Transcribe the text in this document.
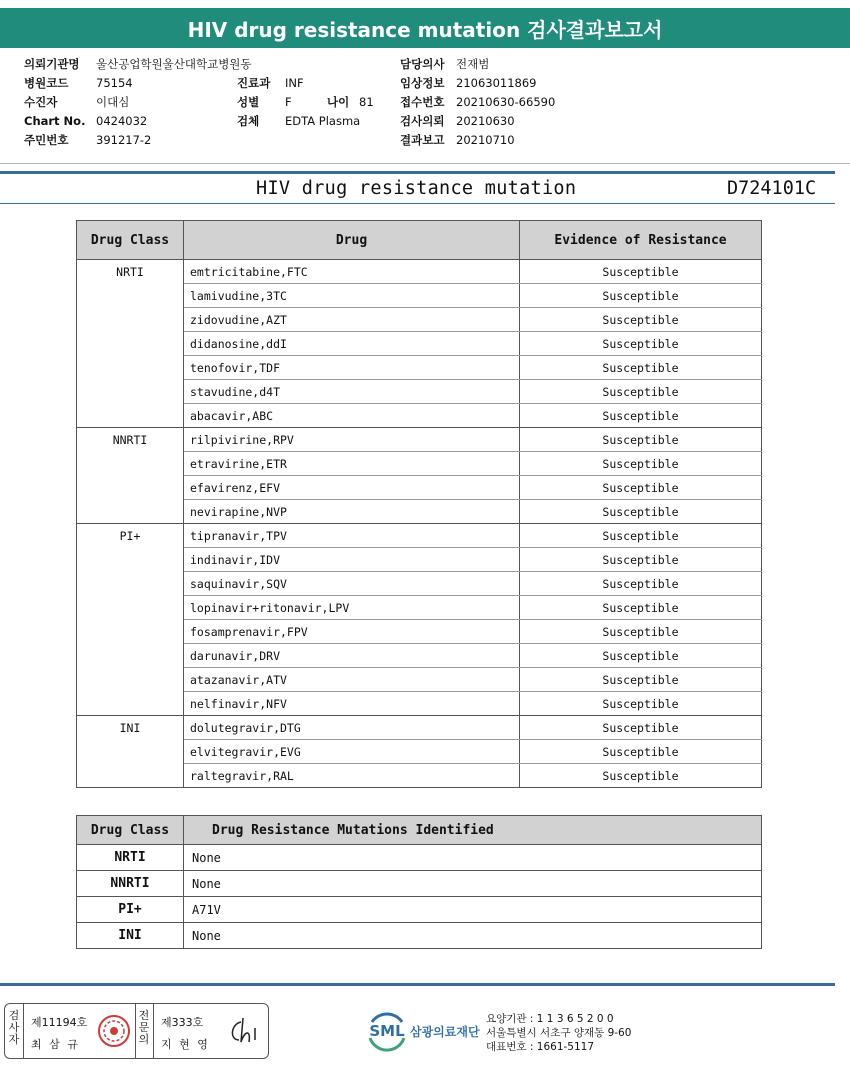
HIV drug resistance mutation 검사결과보고서
의뢰기관명	울산공업학원울산대학교병원동
병원코드	75154
수진자	이대심
Chart No. 0424032
주민번호	391217-2
진료과	INF
성별	F	나이 81
검체	EDTA Plasma
담당의사	전재범
임상정보	21063011869
접수번호	20210630-66590
검사의뢰	20210630
결과보고	20210710
HIV drug resistance mutation	D724101C
Drug Class	Drug	Evidence of Resistance
NRTI	emtricitabine,FTC	Susceptible
	lamivudine,3TC	Susceptible
	zidovudine,AZT	Susceptible
	didanosine,ddI	Susceptible
	tenofovir,TDF	Susceptible
	stavudine,d4T	Susceptible
	abacavir,ABC	Susceptible
NNRTI	rilpivirine,RPV	Susceptible
	etravirine,ETR	Susceptible
	efavirenz,EFV	Susceptible
	nevirapine,NVP	Susceptible
PI+	tipranavir,TPV	Susceptible
	indinavir,IDV	Susceptible
	saquinavir,SQV	Susceptible
	lopinavir+ritonavir,LPV	Susceptible
	fosamprenavir,FPV	Susceptible
	darunavir,DRV	Susceptible
	atazanavir,ATV	Susceptible
	nelfinavir,NFV	Susceptible
INI	dolutegravir,DTG	Susceptible
	elvitegravir,EVG	Susceptible
	raltegravir,RAL	Susceptible
Drug Class	Drug Resistance Mutations Identified
NRTI	None
NNRTI	None
PI+	A71V
INI	None
검
사
자
제11194호
최 삼 규
전
문
의
제333호
지 현 영
SML 삼광의료재단
요양기관 : 1 1 3 6 5 2 0 0
서울특별시 서초구 양재동 9-60
대표번호 : 1661-5117
